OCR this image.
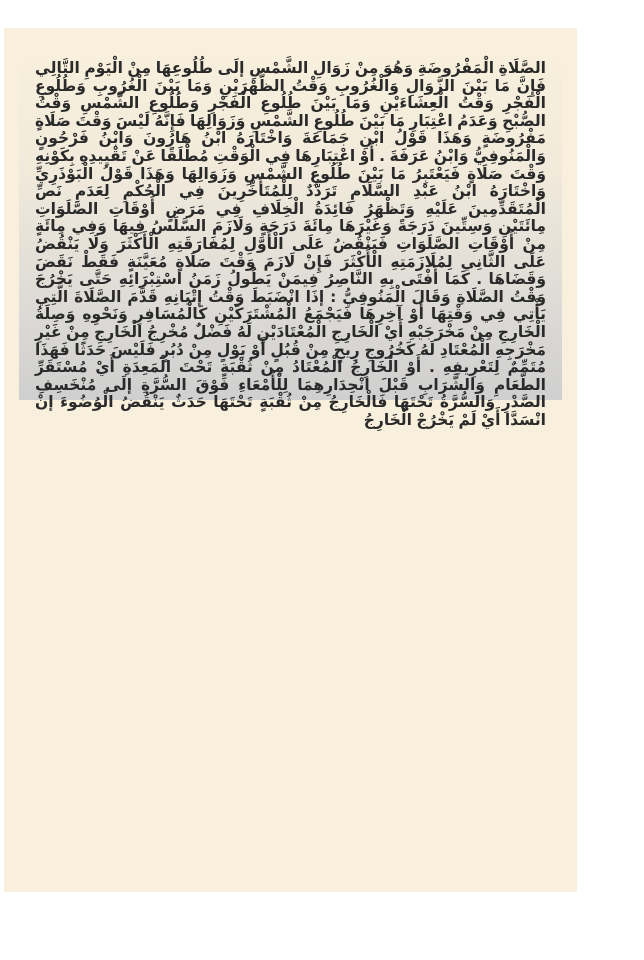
الصَّلَاةِ الْمَفْرُوضَةِ وَهُوَ مِنْ زَوَالِ الشَّمْسِ إلَى طُلُوعِهَا مِنْ الْيَوْمِ التَّالِي فَإِنَّ مَا بَيْنَ الزَّوَالِ وَالْغُرُوبِ وَقْتُ الظُّهْرَيْنِ وَمَا بَيْنَ الْغُرُوبِ وَطُلُوعِ الْفَجْرِ وَقْتُ الْعِشَاءَيْنِ وَمَا بَيْنَ طُلُوعِ الْفَجْرِ وَطُلُوعِ الشَّمْسِ وَقْتُ الصُّبْحِ وَعَدَمُ اعْتِبَارِ مَا بَيْنَ طُلُوعِ الشَّمْسِ وَزَوَالِهَا فَإِنَّهُ لَيْسَ وَقْتَ صَلَاةٍ مَفْرُوضَةٍ وَهَذَا قَوْلُ ابْنِ جَمَاعَةَ وَاخْتَارَهُ ابْنُ هَارُونَ وَابْنُ فَرْحُونٍ وَالْمَنُوفِيُّ وَابْنُ عَرَفَةَ . أَوْ اعْتِبَارِهَا فِي الْوَقْتِ مُطْلَقًا عَنْ تَقْيِيدِهِ بِكَوْنِهِ وَقْتَ صَلَاةٍ فَيَعْتَبِرُ مَا بَيْنَ طُلُوعِ الشَّمْسِ وَزَوَالِهَا وَهَذَا قَوْلُ الْبَوْذَرِيِّ وَاخْتَارَهُ ابْنُ عَبْدِ السَّلَامِ تَرَدُّدٌ لِلْمُتَأَخِّرِينَ فِي الْحُكْمِ لِعَدَمِ نَصِّ الْمُتَقَدِّمِينَ عَلَيْهِ وَتَظْهَرُ فَائِدَةُ الْخِلَافِ فِي مَرَضٍ أَوْقَاتِ الصَّلَوَاتِ مِائَتَيْنِ وَسِتِّينَ دَرَجَةً وَغَيْرَهَا مِائَةَ دَرَجَةٍ وَلَازَمَ السَّلَسُ فِيهَا وَفِي مِائَةٍ مِنْ أَوْقَاتِ الصَّلَوَاتِ فَيَنْقُضُ عَلَى الْأَوَّلِ لِمُفَارَقَتِهِ الْأَكْثَرَ وَلَا يَنْقُضُ عَلَى الثَّانِي لِمُلَازَمَتِهِ الْأَكْثَرَ فَإِنْ لَازَمَ وَقْتَ صَلَاةٍ مُعَيَّنَةٍ فَقَطْ نَقَضَ وَقَضَاهَا . كَمَا أَفْتَى بِهِ النَّاصِرُ فِيمَنْ يَطُولُ زَمَنُ اسْتِبْرَائِهِ حَتَّى يَخْرُجَ وَقْتُ الصَّلَاةِ وَقَالَ الْمَنُوفِيُّ : إذَا انْضَبَطَ وَقْتُ إتْيَانِهِ قَدَّمَ الصَّلَاةَ الَّتِي يَأْتِي فِي وَقْتِهَا أَوْ آخِرِهَا فَيَجْمَعُ الْمُشْتَرَكَيْنِ كَالْمُسَافِرِ وَنَحْوِهِ وَصِلَةُ الْخَارِجِ مِنْ مَخْرَجَيْهِ أَيْ الْخَارِجِ الْمُعْتَادَيْنِ لَهُ فَضْلٌ مُخْرِجُ الْخَارِجِ مِنْ غَيْرِ مَخْرَجِهِ الْمُعْتَادِ لَهُ كَخُرُوجِ رِيحٍ مِنْ قُبُلٍ أَوْ بَوْلٍ مِنْ دُبُرٍ فَلَيْسَ حَدَثًا فَهَذَا مُتَمِّمٌ لِتَعْرِيفِهِ . أَوْ الْخَارِجُ الْمُعْتَادُ مِنْ ثُقْبَةٍ تَحْتَ الْمَعِدَةِ أَيْ مُسْتَقَرِّ الطَّعَامِ وَالشَّرَابِ قَبْلَ انْحِدَارِهِمَا لِلْأَمْعَاءِ فَوْقَ السُّرَّةِ إلَى مُنْخَسِفِ الصَّدْرِ وَالسُّرَّةُ تَحْتَهَا فَالْخَارِجُ مِنْ ثُقْبَةٍ تَحْتَهَا حَدَثٌ يَنْقُضُ الْوُضُوءَ إنْ انْسَدَّا أَيْ لَمْ يَخْرُجْ الْخَارِجُ
